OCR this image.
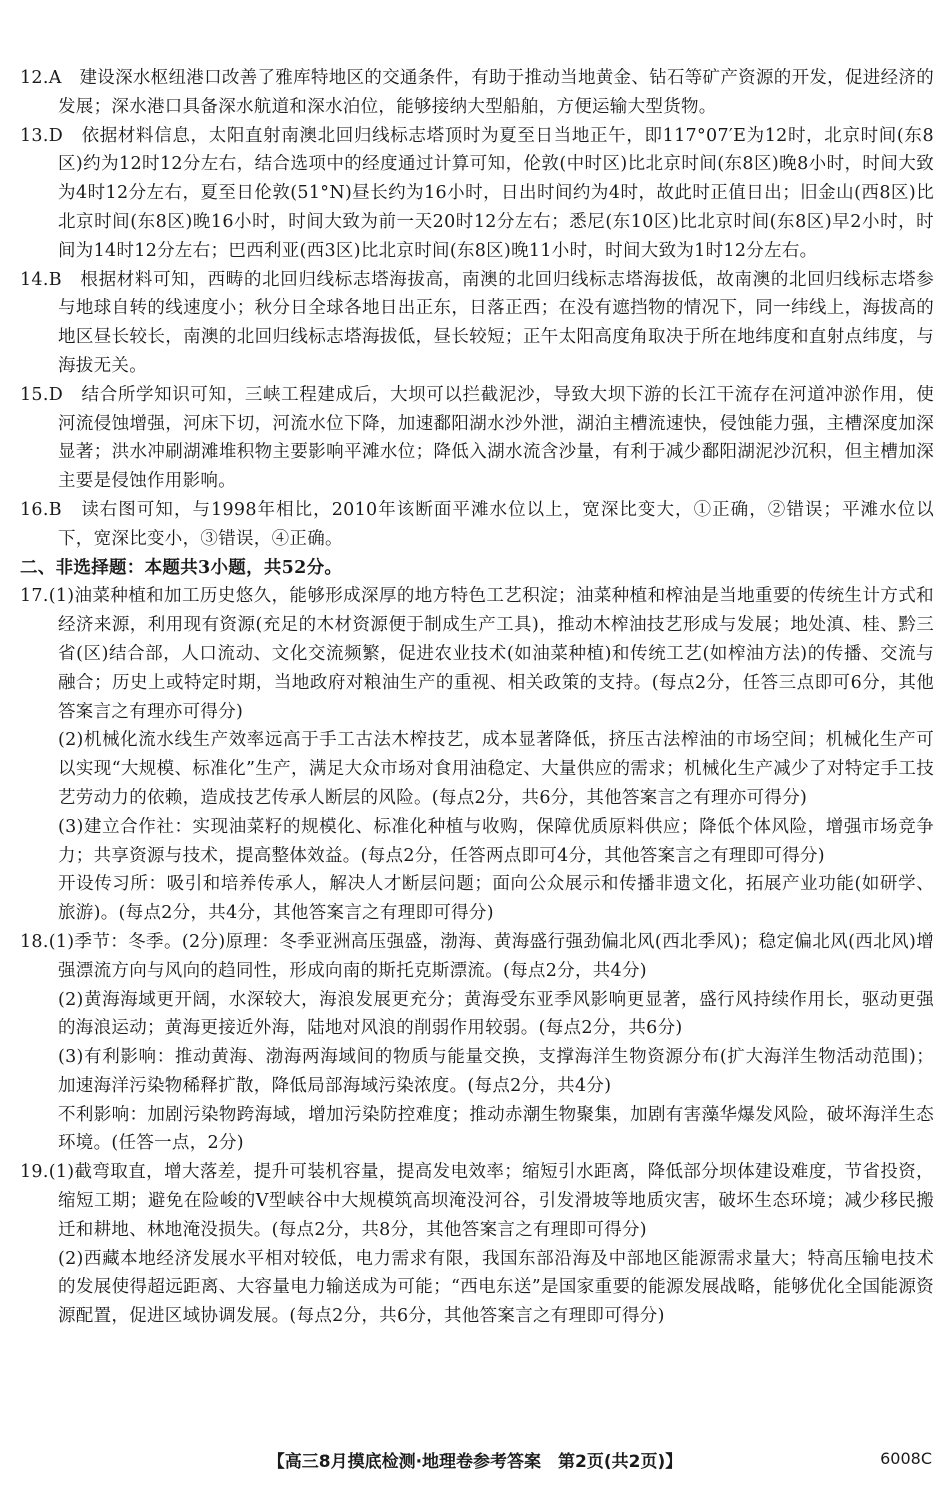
12.A　建设深水枢纽港口改善了雅库特地区的交通条件，有助于推动当地黄金、钻石等矿产资源的开发，促进经济的发展；深水港口具备深水航道和深水泊位，能够接纳大型船舶，方便运输大型货物。

13.D　依据材料信息，太阳直射南澳北回归线标志塔顶时为夏至日当地正午，即117°07′E为12时，北京时间(东8区)约为12时12分左右，结合选项中的经度通过计算可知，伦敦(中时区)比北京时间(东8区)晚8小时，时间大致为4时12分左右，夏至日伦敦(51°N)昼长约为16小时，日出时间约为4时，故此时正值日出；旧金山(西8区)比北京时间(东8区)晚16小时，时间大致为前一天20时12分左右；悉尼(东10区)比北京时间(东8区)早2小时，时间为14时12分左右；巴西利亚(西3区)比北京时间(东8区)晚11小时，时间大致为1时12分左右。

14.B　根据材料可知，西畴的北回归线标志塔海拔高，南澳的北回归线标志塔海拔低，故南澳的北回归线标志塔参与地球自转的线速度小；秋分日全球各地日出正东，日落正西；在没有遮挡物的情况下，同一纬线上，海拔高的地区昼长较长，南澳的北回归线标志塔海拔低，昼长较短；正午太阳高度角取决于所在地纬度和直射点纬度，与海拔无关。

15.D　结合所学知识可知，三峡工程建成后，大坝可以拦截泥沙，导致大坝下游的长江干流存在河道冲淤作用，使河流侵蚀增强，河床下切，河流水位下降，加速鄱阳湖水沙外泄，湖泊主槽流速快，侵蚀能力强，主槽深度加深显著；洪水冲刷湖滩堆积物主要影响平滩水位；降低入湖水流含沙量，有利于减少鄱阳湖泥沙沉积，但主槽加深主要是侵蚀作用影响。

16.B　读右图可知，与1998年相比，2010年该断面平滩水位以上，宽深比变大，①正确，②错误；平滩水位以下，宽深比变小，③错误，④正确。

二、非选择题：本题共3小题，共52分。

17.(1)油菜种植和加工历史悠久，能够形成深厚的地方特色工艺积淀；油菜种植和榨油是当地重要的传统生计方式和经济来源，利用现有资源(充足的木材资源便于制成生产工具)，推动木榨油技艺形成与发展；地处滇、桂、黔三省(区)结合部，人口流动、文化交流频繁，促进农业技术(如油菜种植)和传统工艺(如榨油方法)的传播、交流与融合；历史上或特定时期，当地政府对粮油生产的重视、相关政策的支持。(每点2分，任答三点即可6分，其他答案言之有理亦可得分)

(2)机械化流水线生产效率远高于手工古法木榨技艺，成本显著降低，挤压古法榨油的市场空间；机械化生产可以实现“大规模、标准化”生产，满足大众市场对食用油稳定、大量供应的需求；机械化生产减少了对特定手工技艺劳动力的依赖，造成技艺传承人断层的风险。(每点2分，共6分，其他答案言之有理亦可得分)

(3)建立合作社：实现油菜籽的规模化、标准化种植与收购，保障优质原料供应；降低个体风险，增强市场竞争力；共享资源与技术，提高整体效益。(每点2分，任答两点即可4分，其他答案言之有理即可得分)

开设传习所：吸引和培养传承人，解决人才断层问题；面向公众展示和传播非遗文化，拓展产业功能(如研学、旅游)。(每点2分，共4分，其他答案言之有理即可得分)

18.(1)季节：冬季。(2分)原理：冬季亚洲高压强盛，渤海、黄海盛行强劲偏北风(西北季风)；稳定偏北风(西北风)增强漂流方向与风向的趋同性，形成向南的斯托克斯漂流。(每点2分，共4分)

(2)黄海海域更开阔，水深较大，海浪发展更充分；黄海受东亚季风影响更显著，盛行风持续作用长，驱动更强的海浪运动；黄海更接近外海，陆地对风浪的削弱作用较弱。(每点2分，共6分)

(3)有利影响：推动黄海、渤海两海域间的物质与能量交换，支撑海洋生物资源分布(扩大海洋生物活动范围)；加速海洋污染物稀释扩散，降低局部海域污染浓度。(每点2分，共4分)

不利影响：加剧污染物跨海域，增加污染防控难度；推动赤潮生物聚集，加剧有害藻华爆发风险，破坏海洋生态环境。(任答一点，2分)

19.(1)截弯取直，增大落差，提升可装机容量，提高发电效率；缩短引水距离，降低部分坝体建设难度，节省投资，缩短工期；避免在险峻的V型峡谷中大规模筑高坝淹没河谷，引发滑坡等地质灾害，破坏生态环境；减少移民搬迁和耕地、林地淹没损失。(每点2分，共8分，其他答案言之有理即可得分)

(2)西藏本地经济发展水平相对较低，电力需求有限，我国东部沿海及中部地区能源需求量大；特高压输电技术的发展使得超远距离、大容量电力输送成为可能；“西电东送”是国家重要的能源发展战略，能够优化全国能源资源配置，促进区域协调发展。(每点2分，共6分，其他答案言之有理即可得分)

【高三8月摸底检测·地理卷参考答案　第2页(共2页)】	6008C
